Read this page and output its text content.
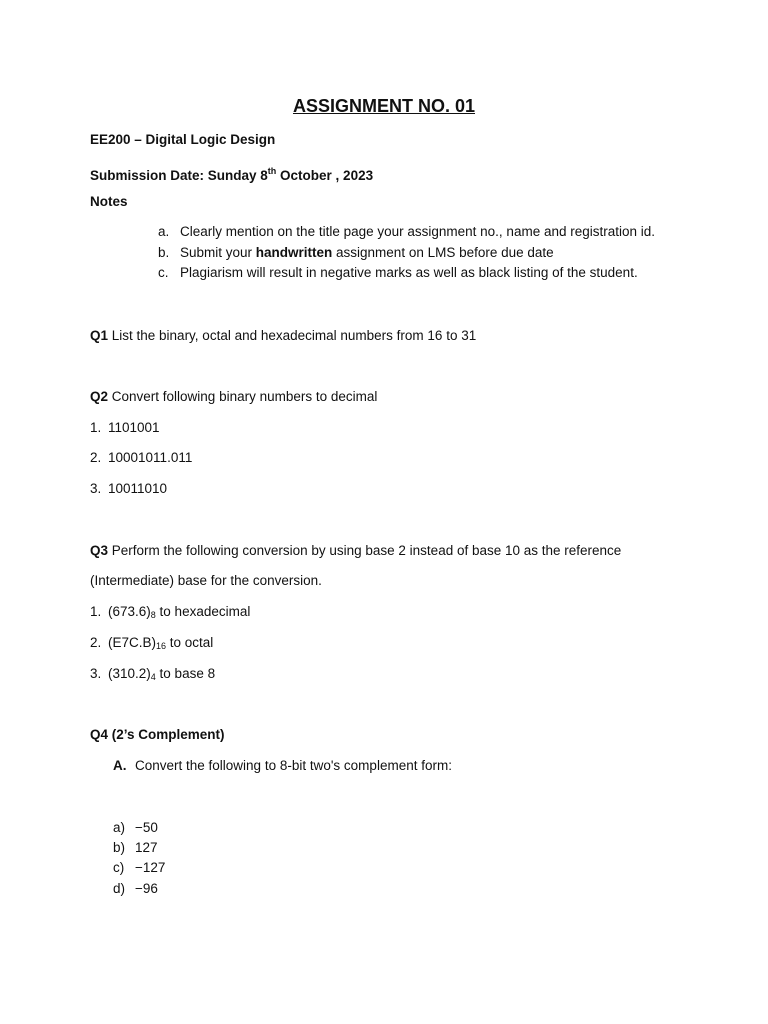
ASSIGNMENT NO. 01
EE200 – Digital Logic Design
Submission Date: Sunday 8th October , 2023
Notes
a. Clearly mention on the title page your assignment no., name and registration id.
b. Submit your handwritten assignment on LMS before due date
c. Plagiarism will result in negative marks as well as black listing of the student.
Q1 List the binary, octal and hexadecimal numbers from 16 to 31
Q2 Convert following binary numbers to decimal
1. 1101001
2. 10001011.011
3. 10011010
Q3 Perform the following conversion by using base 2 instead of base 10 as the reference
(Intermediate) base for the conversion.
1. $(673.6)_8$ to hexadecimal
2. $(E7C.B)_{16}$ to octal
3. $(310.2)_4$ to base 8
Q4 (2’s Complement)
A. Convert the following to 8-bit two's complement form:
a) −50
b) 127
c) −127
d) −96
